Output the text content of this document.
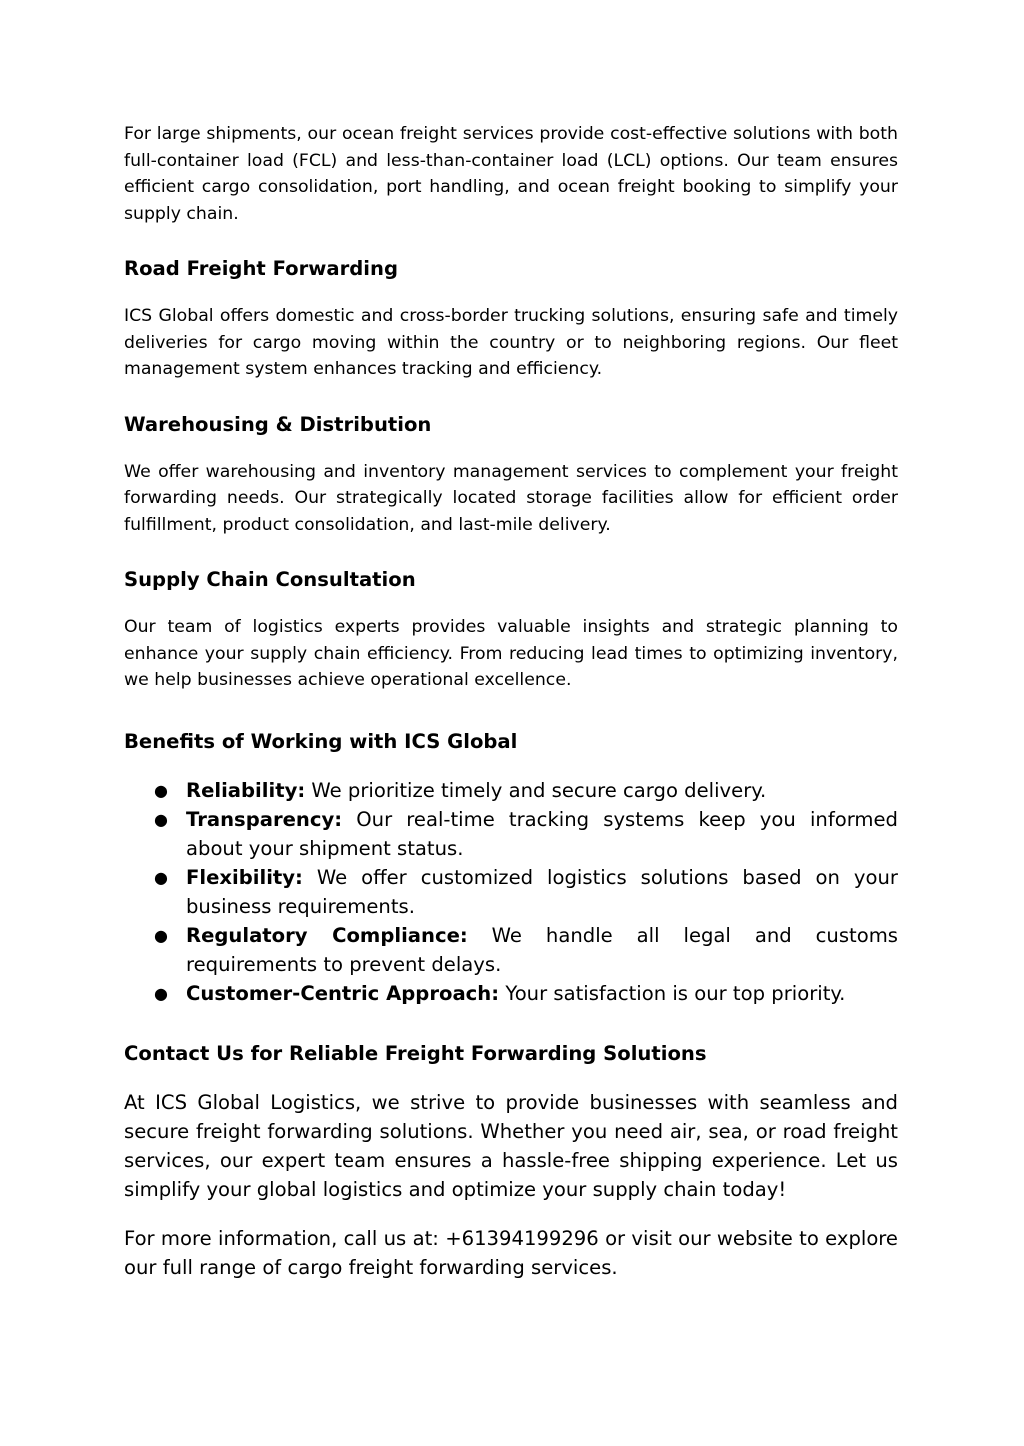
For large shipments, our ocean freight services provide cost-effective solutions with both full-container load (FCL) and less-than-container load (LCL) options. Our team ensures efficient cargo consolidation, port handling, and ocean freight booking to simplify your supply chain.

Road Freight Forwarding

ICS Global offers domestic and cross-border trucking solutions, ensuring safe and timely deliveries for cargo moving within the country or to neighboring regions. Our fleet management system enhances tracking and efficiency.

Warehousing & Distribution

We offer warehousing and inventory management services to complement your freight forwarding needs. Our strategically located storage facilities allow for efficient order fulfillment, product consolidation, and last-mile delivery.

Supply Chain Consultation

Our team of logistics experts provides valuable insights and strategic planning to enhance your supply chain efficiency. From reducing lead times to optimizing inventory, we help businesses achieve operational excellence.

Benefits of Working with ICS Global
● Reliability: We prioritize timely and secure cargo delivery.
● Transparency: Our real-time tracking systems keep you informed about your shipment status.
● Flexibility: We offer customized logistics solutions based on your business requirements.
● Regulatory Compliance: We handle all legal and customs requirements to prevent delays.
● Customer-Centric Approach: Your satisfaction is our top priority.
Contact Us for Reliable Freight Forwarding Solutions

At ICS Global Logistics, we strive to provide businesses with seamless and secure freight forwarding solutions. Whether you need air, sea, or road freight services, our expert team ensures a hassle-free shipping experience. Let us simplify your global logistics and optimize your supply chain today!

For more information, call us at: +61394199296 or visit our website to explore our full range of cargo freight forwarding services.
